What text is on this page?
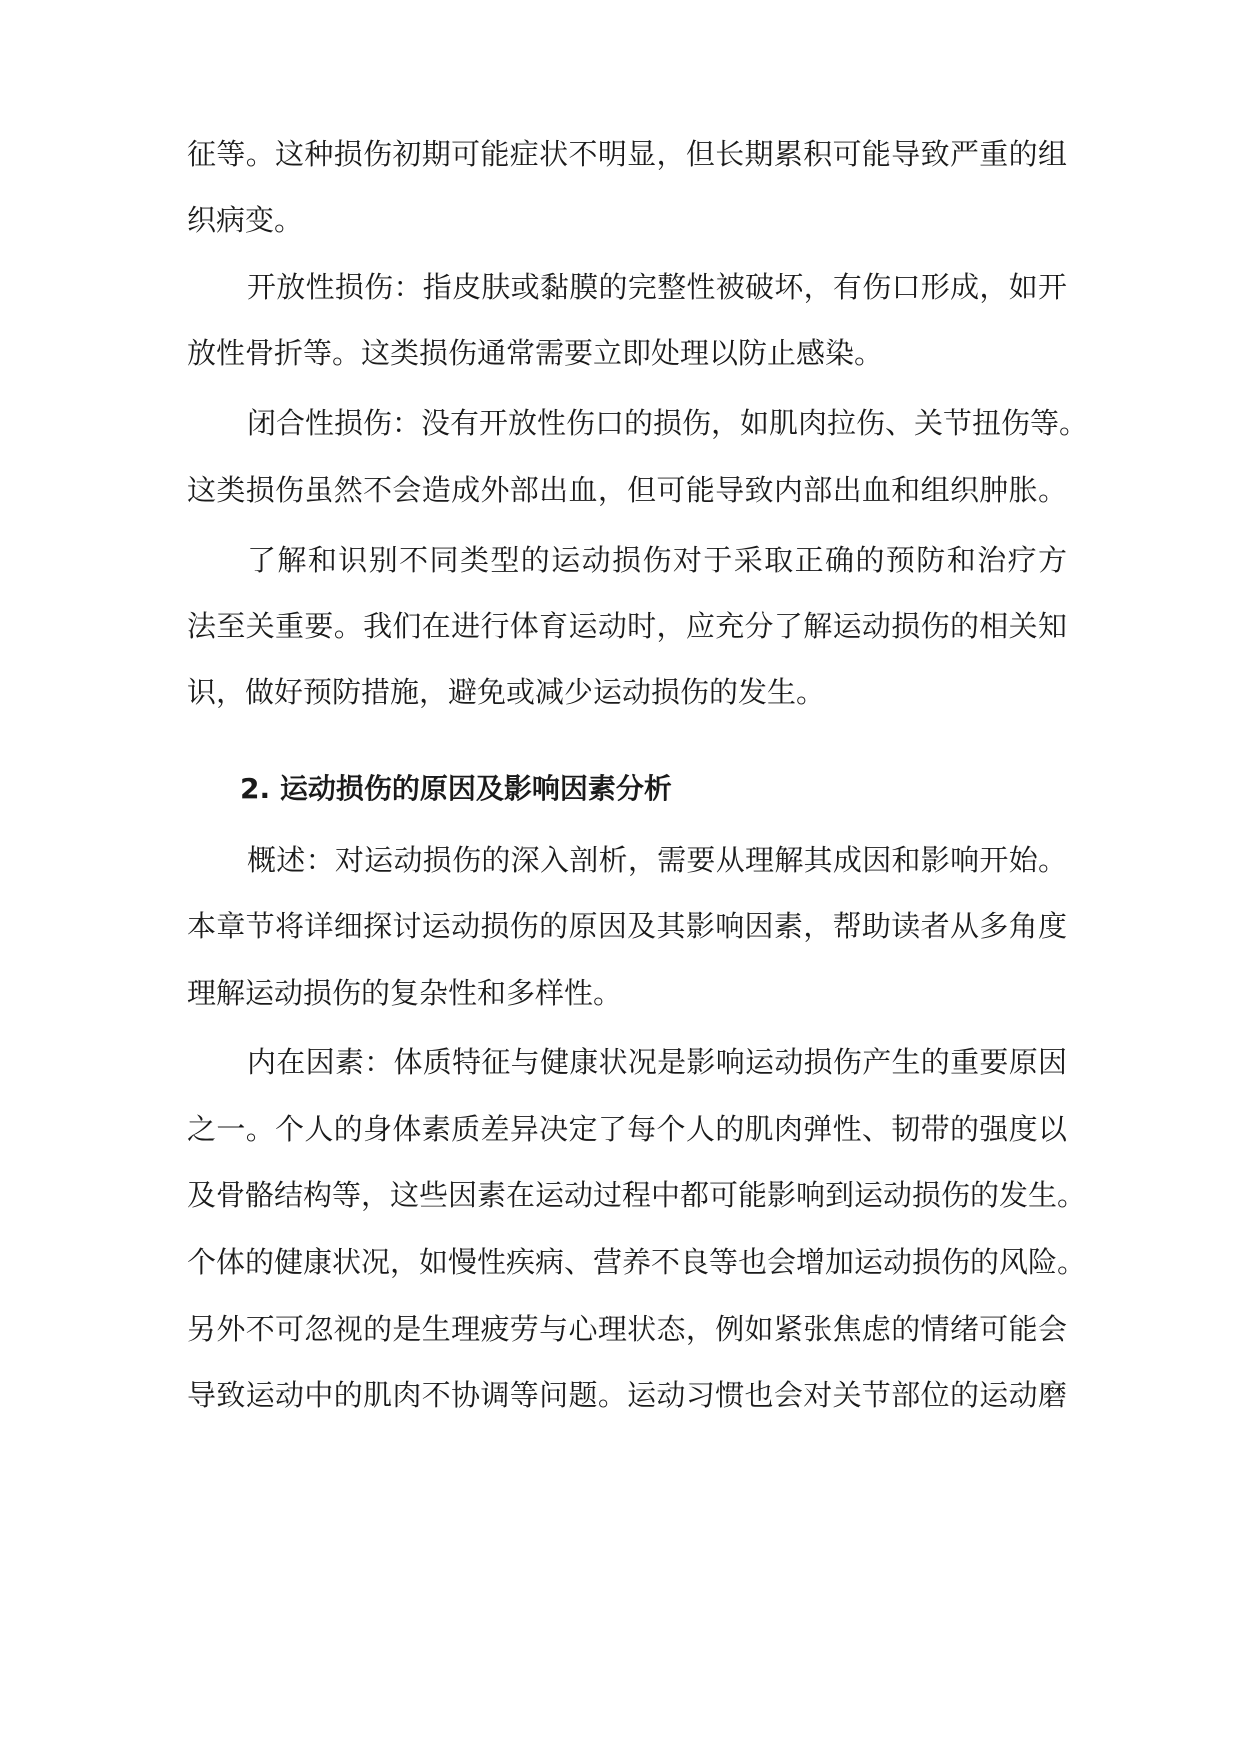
征等。这种损伤初期可能症状不明显，但长期累积可能导致严重的组
织病变。
开放性损伤：指皮肤或黏膜的完整性被破坏，有伤口形成，如开
放性骨折等。这类损伤通常需要立即处理以防止感染。
闭合性损伤：没有开放性伤口的损伤，如肌肉拉伤、关节扭伤等。
这类损伤虽然不会造成外部出血，但可能导致内部出血和组织肿胀。
了解和识别不同类型的运动损伤对于采取正确的预防和治疗方
法至关重要。我们在进行体育运动时，应充分了解运动损伤的相关知
识，做好预防措施，避免或减少运动损伤的发生。
2. 运动损伤的原因及影响因素分析
概述：对运动损伤的深入剖析，需要从理解其成因和影响开始。
本章节将详细探讨运动损伤的原因及其影响因素，帮助读者从多角度
理解运动损伤的复杂性和多样性。
内在因素：体质特征与健康状况是影响运动损伤产生的重要原因
之一。个人的身体素质差异决定了每个人的肌肉弹性、韧带的强度以
及骨骼结构等，这些因素在运动过程中都可能影响到运动损伤的发生。
个体的健康状况，如慢性疾病、营养不良等也会增加运动损伤的风险。
另外不可忽视的是生理疲劳与心理状态，例如紧张焦虑的情绪可能会
导致运动中的肌肉不协调等问题。运动习惯也会对关节部位的运动磨
